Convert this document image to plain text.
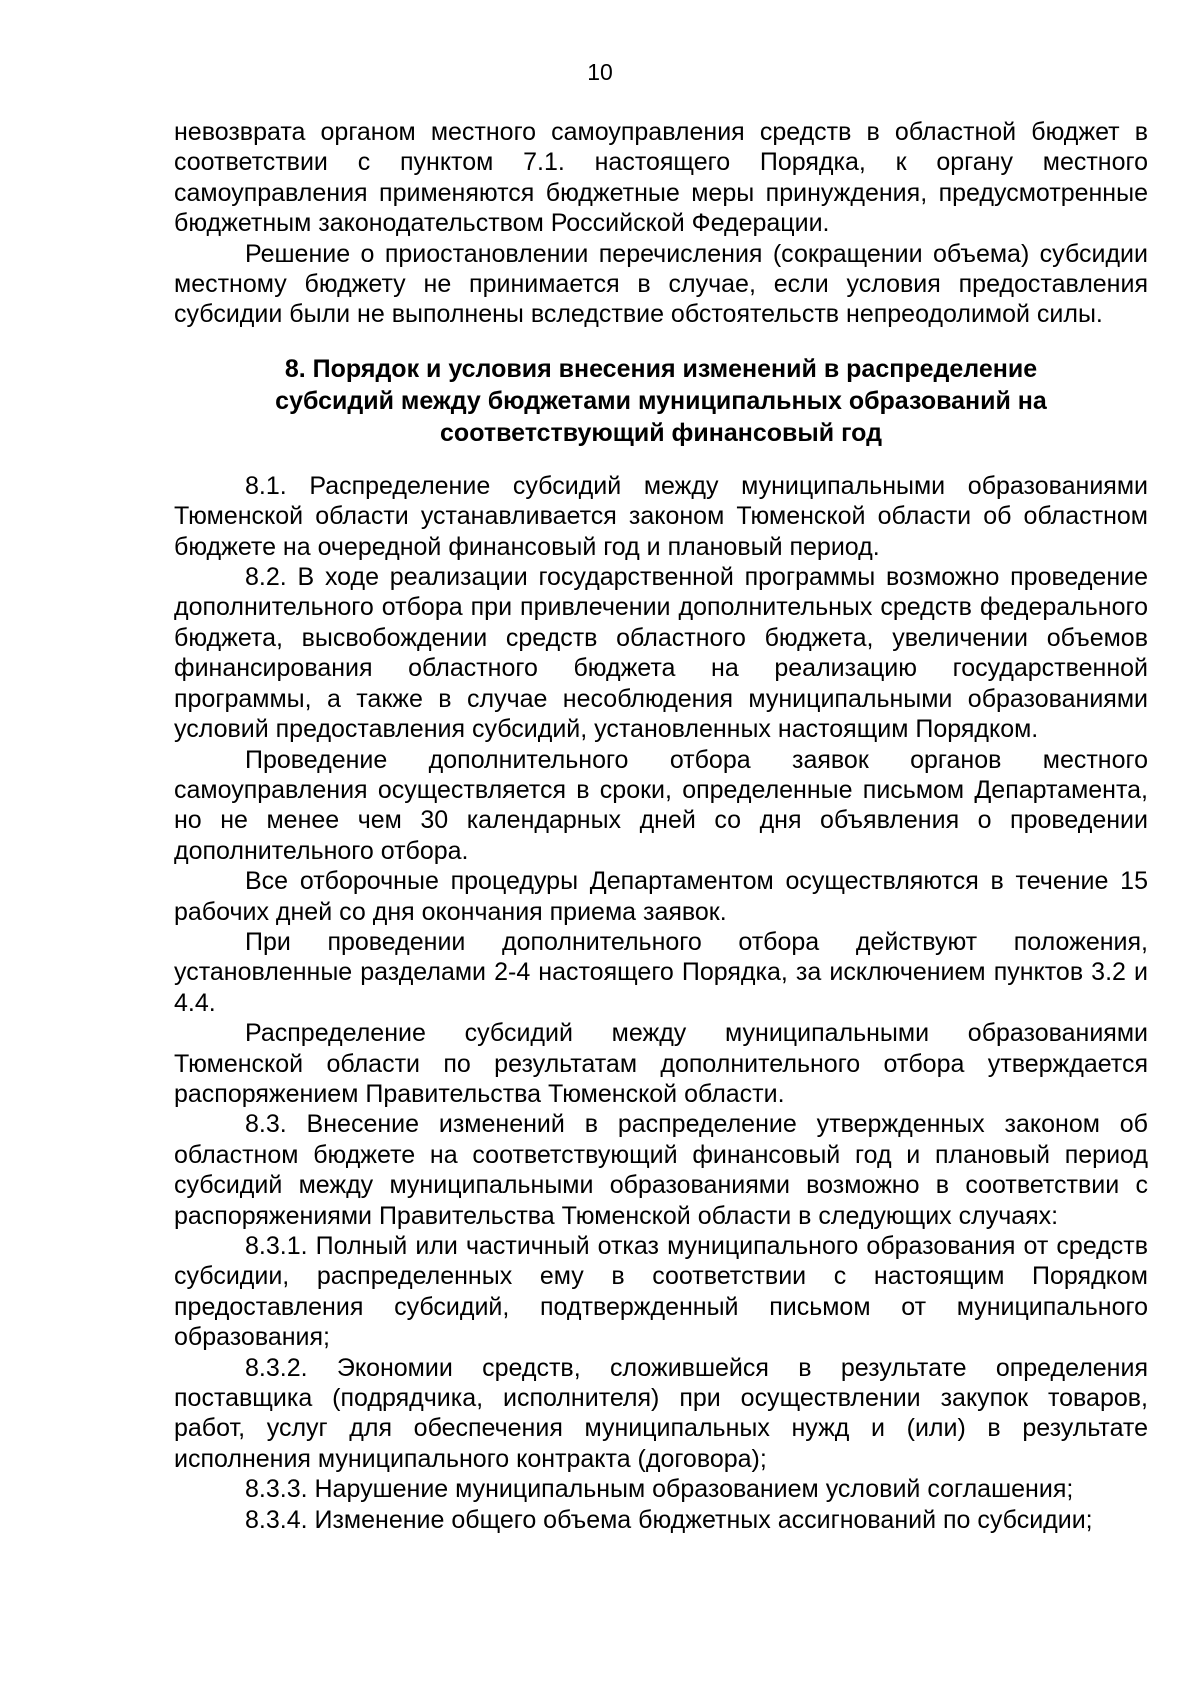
10

невозврата органом местного самоуправления средств в областной бюджет в соответствии с пунктом 7.1. настоящего Порядка, к органу местного самоуправления применяются бюджетные меры принуждения, предусмотренные бюджетным законодательством Российской Федерации.

Решение о приостановлении перечисления (сокращении объема) субсидии местному бюджету не принимается в случае, если условия предоставления субсидии были не выполнены вследствие обстоятельств непреодолимой силы.

8. Порядок и условия внесения изменений в распределение
субсидий между бюджетами муниципальных образований на
соответствующий финансовый год

8.1. Распределение субсидий между муниципальными образованиями Тюменской области устанавливается законом Тюменской области об областном бюджете на очередной финансовый год и плановый период.

8.2. В ходе реализации государственной программы возможно проведение дополнительного отбора при привлечении дополнительных средств федерального бюджета, высвобождении средств областного бюджета, увеличении объемов финансирования областного бюджета на реализацию государственной программы, а также в случае несоблюдения муниципальными образованиями условий предоставления субсидий, установленных настоящим Порядком.

Проведение дополнительного отбора заявок органов местного самоуправления осуществляется в сроки, определенные письмом Департамента, но не менее чем 30 календарных дней со дня объявления о проведении дополнительного отбора.

Все отборочные процедуры Департаментом осуществляются в течение 15 рабочих дней со дня окончания приема заявок.

При проведении дополнительного отбора действуют положения, установленные разделами 2-4 настоящего Порядка, за исключением пунктов 3.2 и 4.4.

Распределение субсидий между муниципальными образованиями Тюменской области по результатам дополнительного отбора утверждается распоряжением Правительства Тюменской области.

8.3. Внесение изменений в распределение утвержденных законом об областном бюджете на соответствующий финансовый год и плановый период субсидий между муниципальными образованиями возможно в соответствии с распоряжениями Правительства Тюменской области в следующих случаях:

8.3.1. Полный или частичный отказ муниципального образования от средств субсидии, распределенных ему в соответствии с настоящим Порядком предоставления субсидий, подтвержденный письмом от муниципального образования;

8.3.2. Экономии средств, сложившейся в результате определения поставщика (подрядчика, исполнителя) при осуществлении закупок товаров, работ, услуг для обеспечения муниципальных нужд и (или) в результате исполнения муниципального контракта (договора);

8.3.3. Нарушение муниципальным образованием условий соглашения;

8.3.4. Изменение общего объема бюджетных ассигнований по субсидии;
